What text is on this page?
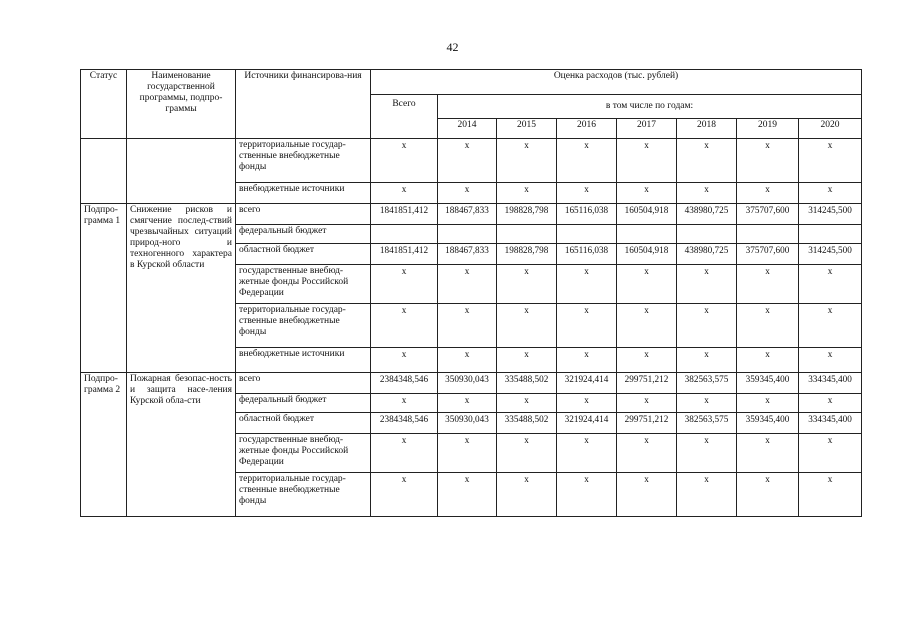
42
Статус	Наименование государственной программы, подпро-граммы	Источники финансирова-ния	Оценка расходов (тыс. рублей)							
			Всего	в том числе по годам:						
				2014	2015	2016	2017	2018	2019	2020
		территориальные государ-ственные внебюджетные фонды	x	x	x	x	x	x	x	x
		внебюджетные источники	x	x	x	x	x	x	x	x
Подпро-грамма 1	Снижение рисков и смягчение послед-ствий чрезвычайных ситуаций природ-ного и техногенного характера в Курской области	всего	1841851,412	188467,833	198828,798	165116,038	160504,918	438980,725	375707,600	314245,500
		федеральный бюджет								
		областной бюджет	1841851,412	188467,833	198828,798	165116,038	160504,918	438980,725	375707,600	314245,500
		государственные внебюд-жетные фонды Российской Федерации	x	x	x	x	x	x	x	x
		территориальные государ-ственные внебюджетные фонды	x	x	x	x	x	x	x	x
		внебюджетные источники	x	x	x	x	x	x	x	x
Подпро-грамма 2	Пожарная безопас-ность и защита насе-ления Курской обла-сти	всего	2384348,546	350930,043	335488,502	321924,414	299751,212	382563,575	359345,400	334345,400
		федеральный бюджет	x	x	x	x	x	x	x	x
		областной бюджет	2384348,546	350930,043	335488,502	321924,414	299751,212	382563,575	359345,400	334345,400
		государственные внебюд-жетные фонды Российской Федерации	x	x	x	x	x	x	x	x
		территориальные государ-ственные внебюджетные фонды	x	x	x	x	x	x	x	x
